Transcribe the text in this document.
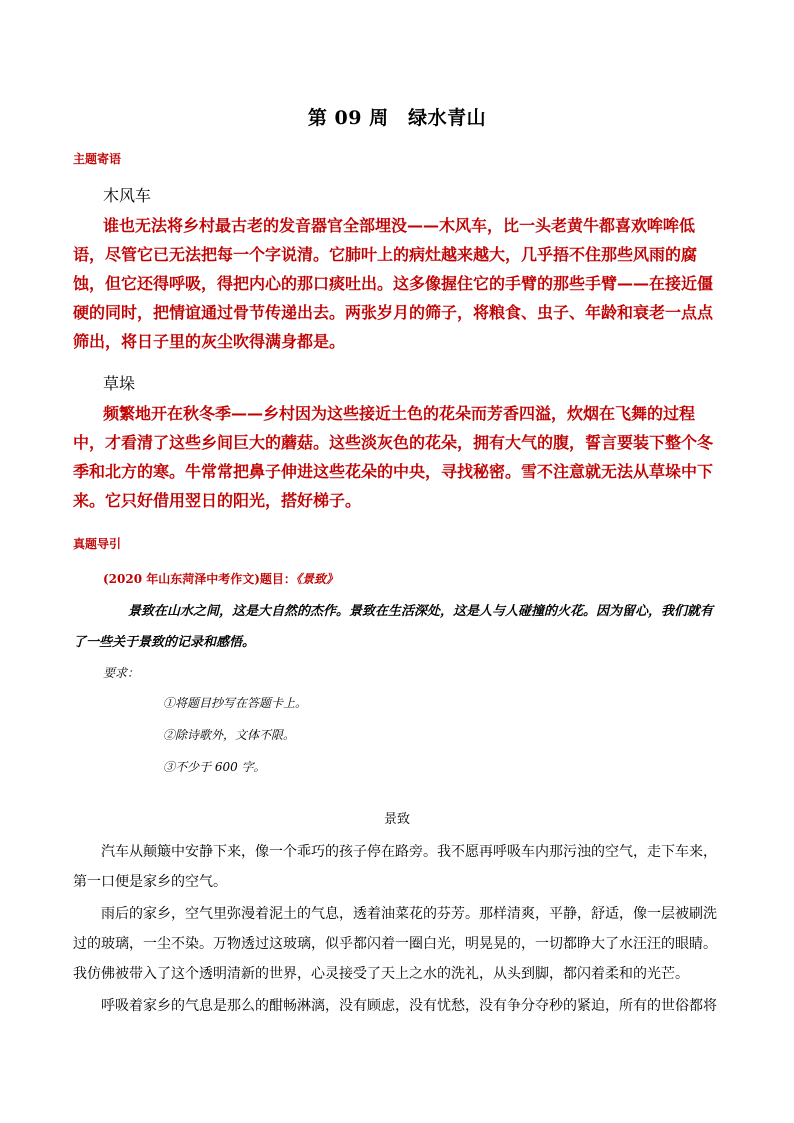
第 09 周　绿水青山
主题寄语
木风车

谁也无法将乡村最古老的发音器官全部埋没——木风车，比一头老黄牛都喜欢哞哞低语，尽管它已无法把每一个字说清。它肺叶上的病灶越来越大，几乎捂不住那些风雨的腐蚀，但它还得呼吸，得把内心的那口痰吐出。这多像握住它的手臂的那些手臂——在接近僵硬的同时，把情谊通过骨节传递出去。两张岁月的筛子，将粮食、虫子、年龄和衰老一点点筛出，将日子里的灰尘吹得满身都是。

草垛

频繁地开在秋冬季——乡村因为这些接近土色的花朵而芳香四溢，炊烟在飞舞的过程中，才看清了这些乡间巨大的蘑菇。这些淡灰色的花朵，拥有大气的腹，誓言要装下整个冬季和北方的寒。牛常常把鼻子伸进这些花朵的中央，寻找秘密。雪不注意就无法从草垛中下来。它只好借用翌日的阳光，搭好梯子。

真题导引
(2020 年山东菏泽中考作文)题目：《景致》

景致在山水之间，这是大自然的杰作。景致在生活深处，这是人与人碰撞的火花。因为留心，我们就有了一些关于景致的记录和感悟。

要求：
①将题目抄写在答题卡上。
②除诗歌外，文体不限。
③不少于 600 字。
景致

汽车从颠簸中安静下来，像一个乖巧的孩子停在路旁。我不愿再呼吸车内那污浊的空气，走下车来，第一口便是家乡的空气。

雨后的家乡，空气里弥漫着泥土的气息，透着油菜花的芬芳。那样清爽，平静，舒适，像一层被刷洗过的玻璃，一尘不染。万物透过这玻璃，似乎都闪着一圈白光，明晃晃的，一切都睁大了水汪汪的眼睛。我仿佛被带入了这个透明清新的世界，心灵接受了天上之水的洗礼，从头到脚，都闪着柔和的光芒。

呼吸着家乡的气息是那么的酣畅淋漓，没有顾虑，没有忧愁，没有争分夺秒的紧迫，所有的世俗都将
